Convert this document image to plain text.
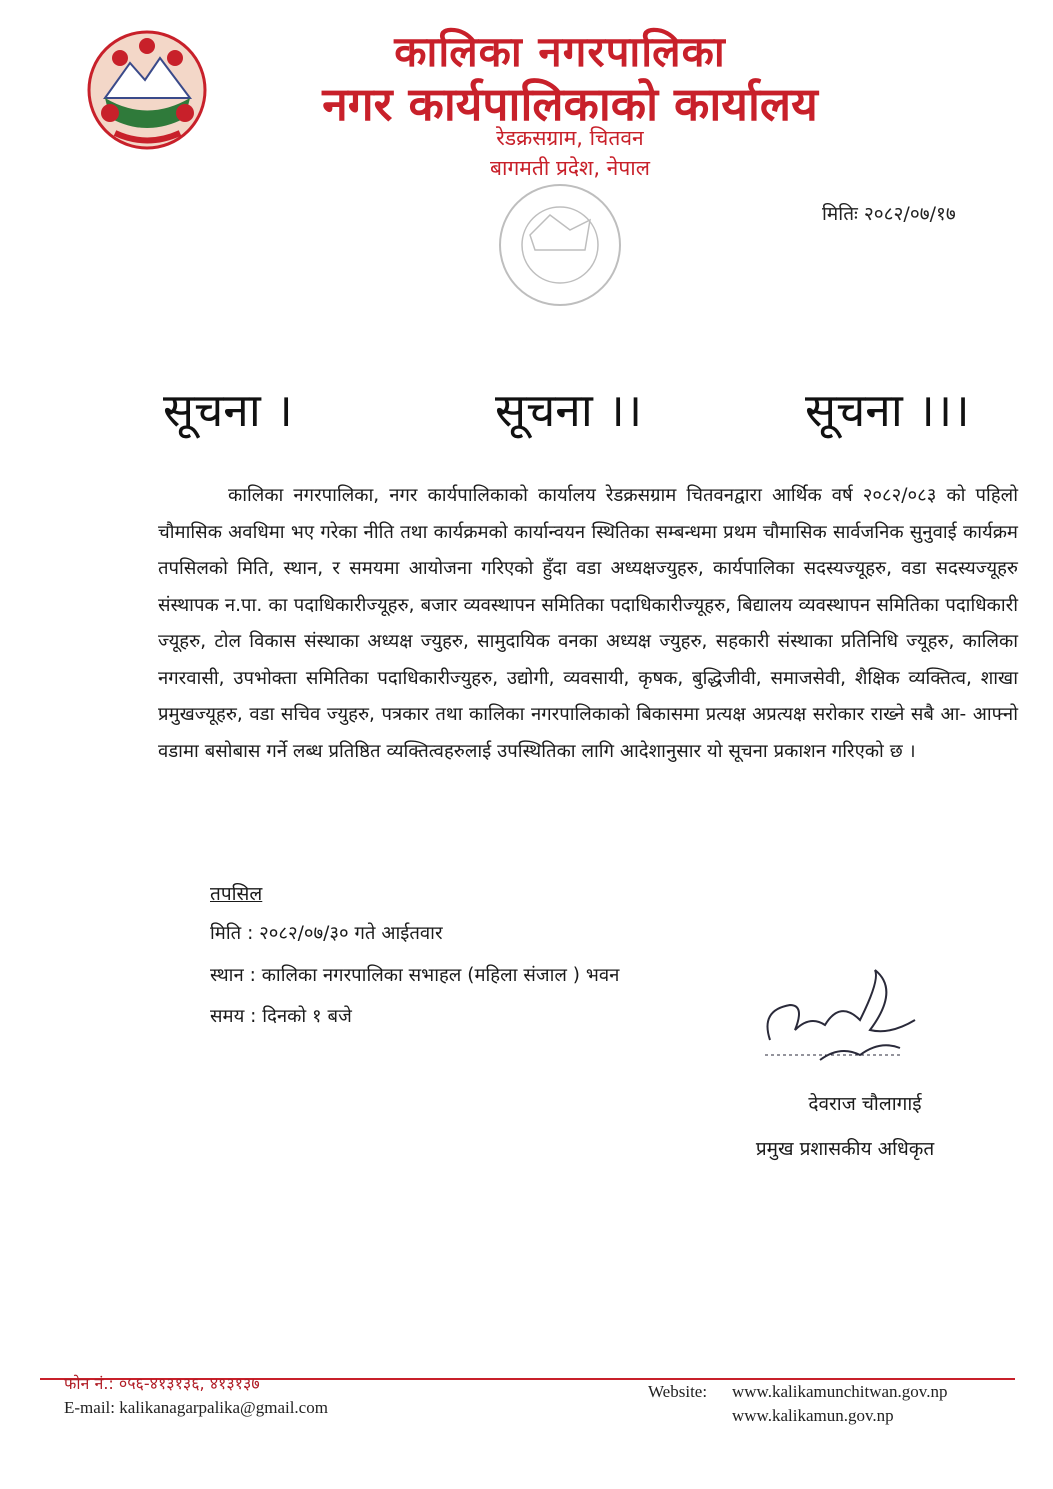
कालिका नगरपालिका
नगर कार्यपालिकाको कार्यालय
रेडक्रसग्राम, चितवन
बागमती प्रदेश, नेपाल
मितिः २०८२/०७/१७
सूचना ।	सूचना ।।	सूचना ।।।
कालिका नगरपालिका, नगर कार्यपालिकाको कार्यालय रेडक्रसग्राम चितवनद्वारा आर्थिक वर्ष २०८२/०८३ को पहिलो चौमासिक अवधिमा भए गरेका नीति तथा कार्यक्रमको कार्यान्वयन स्थितिका सम्बन्धमा प्रथम चौमासिक सार्वजनिक सुनुवाई कार्यक्रम तपसिलको मिति, स्थान, र समयमा आयोजना गरिएको हुँदा वडा अध्यक्षज्युहरु, कार्यपालिका सदस्यज्यूहरु, वडा सदस्यज्यूहरु संस्थापक न.पा. का पदाधिकारीज्यूहरु, बजार व्यवस्थापन समितिका पदाधिकारीज्यूहरु, बिद्यालय व्यवस्थापन समितिका पदाधिकारी ज्यूहरु, टोल विकास संस्थाका अध्यक्ष ज्युहरु, सामुदायिक वनका अध्यक्ष ज्युहरु, सहकारी संस्थाका प्रतिनिधि ज्यूहरु, कालिका नगरवासी, उपभोक्ता समितिका पदाधिकारीज्युहरु, उद्योगी, व्यवसायी, कृषक, बुद्धिजीवी, समाजसेवी, शैक्षिक व्यक्तित्व, शाखा प्रमुखज्यूहरु, वडा सचिव ज्युहरु, पत्रकार तथा कालिका नगरपालिकाको बिकासमा प्रत्यक्ष अप्रत्यक्ष सरोकार राख्ने सबै आ- आफ्नो वडामा बसोबास गर्ने लब्ध प्रतिष्ठित व्यक्तित्वहरुलाई उपस्थितिका लागि आदेशानुसार यो सूचना प्रकाशन गरिएको छ ।
तपसिल
मिति : २०८२/०७/३० गते आईतवार
स्थान : कालिका नगरपालिका सभाहल (महिला संजाल ) भवन
समय : दिनको १ बजे
देवराज चौलागाई
प्रमुख प्रशासकीय अधिकृत
फोन नं.: ०५६-४१३१३६, ४१३१३७
E-mail: kalikanagarpalika@gmail.com
Website: www.kalikamunchitwan.gov.np
www.kalikamun.gov.np
